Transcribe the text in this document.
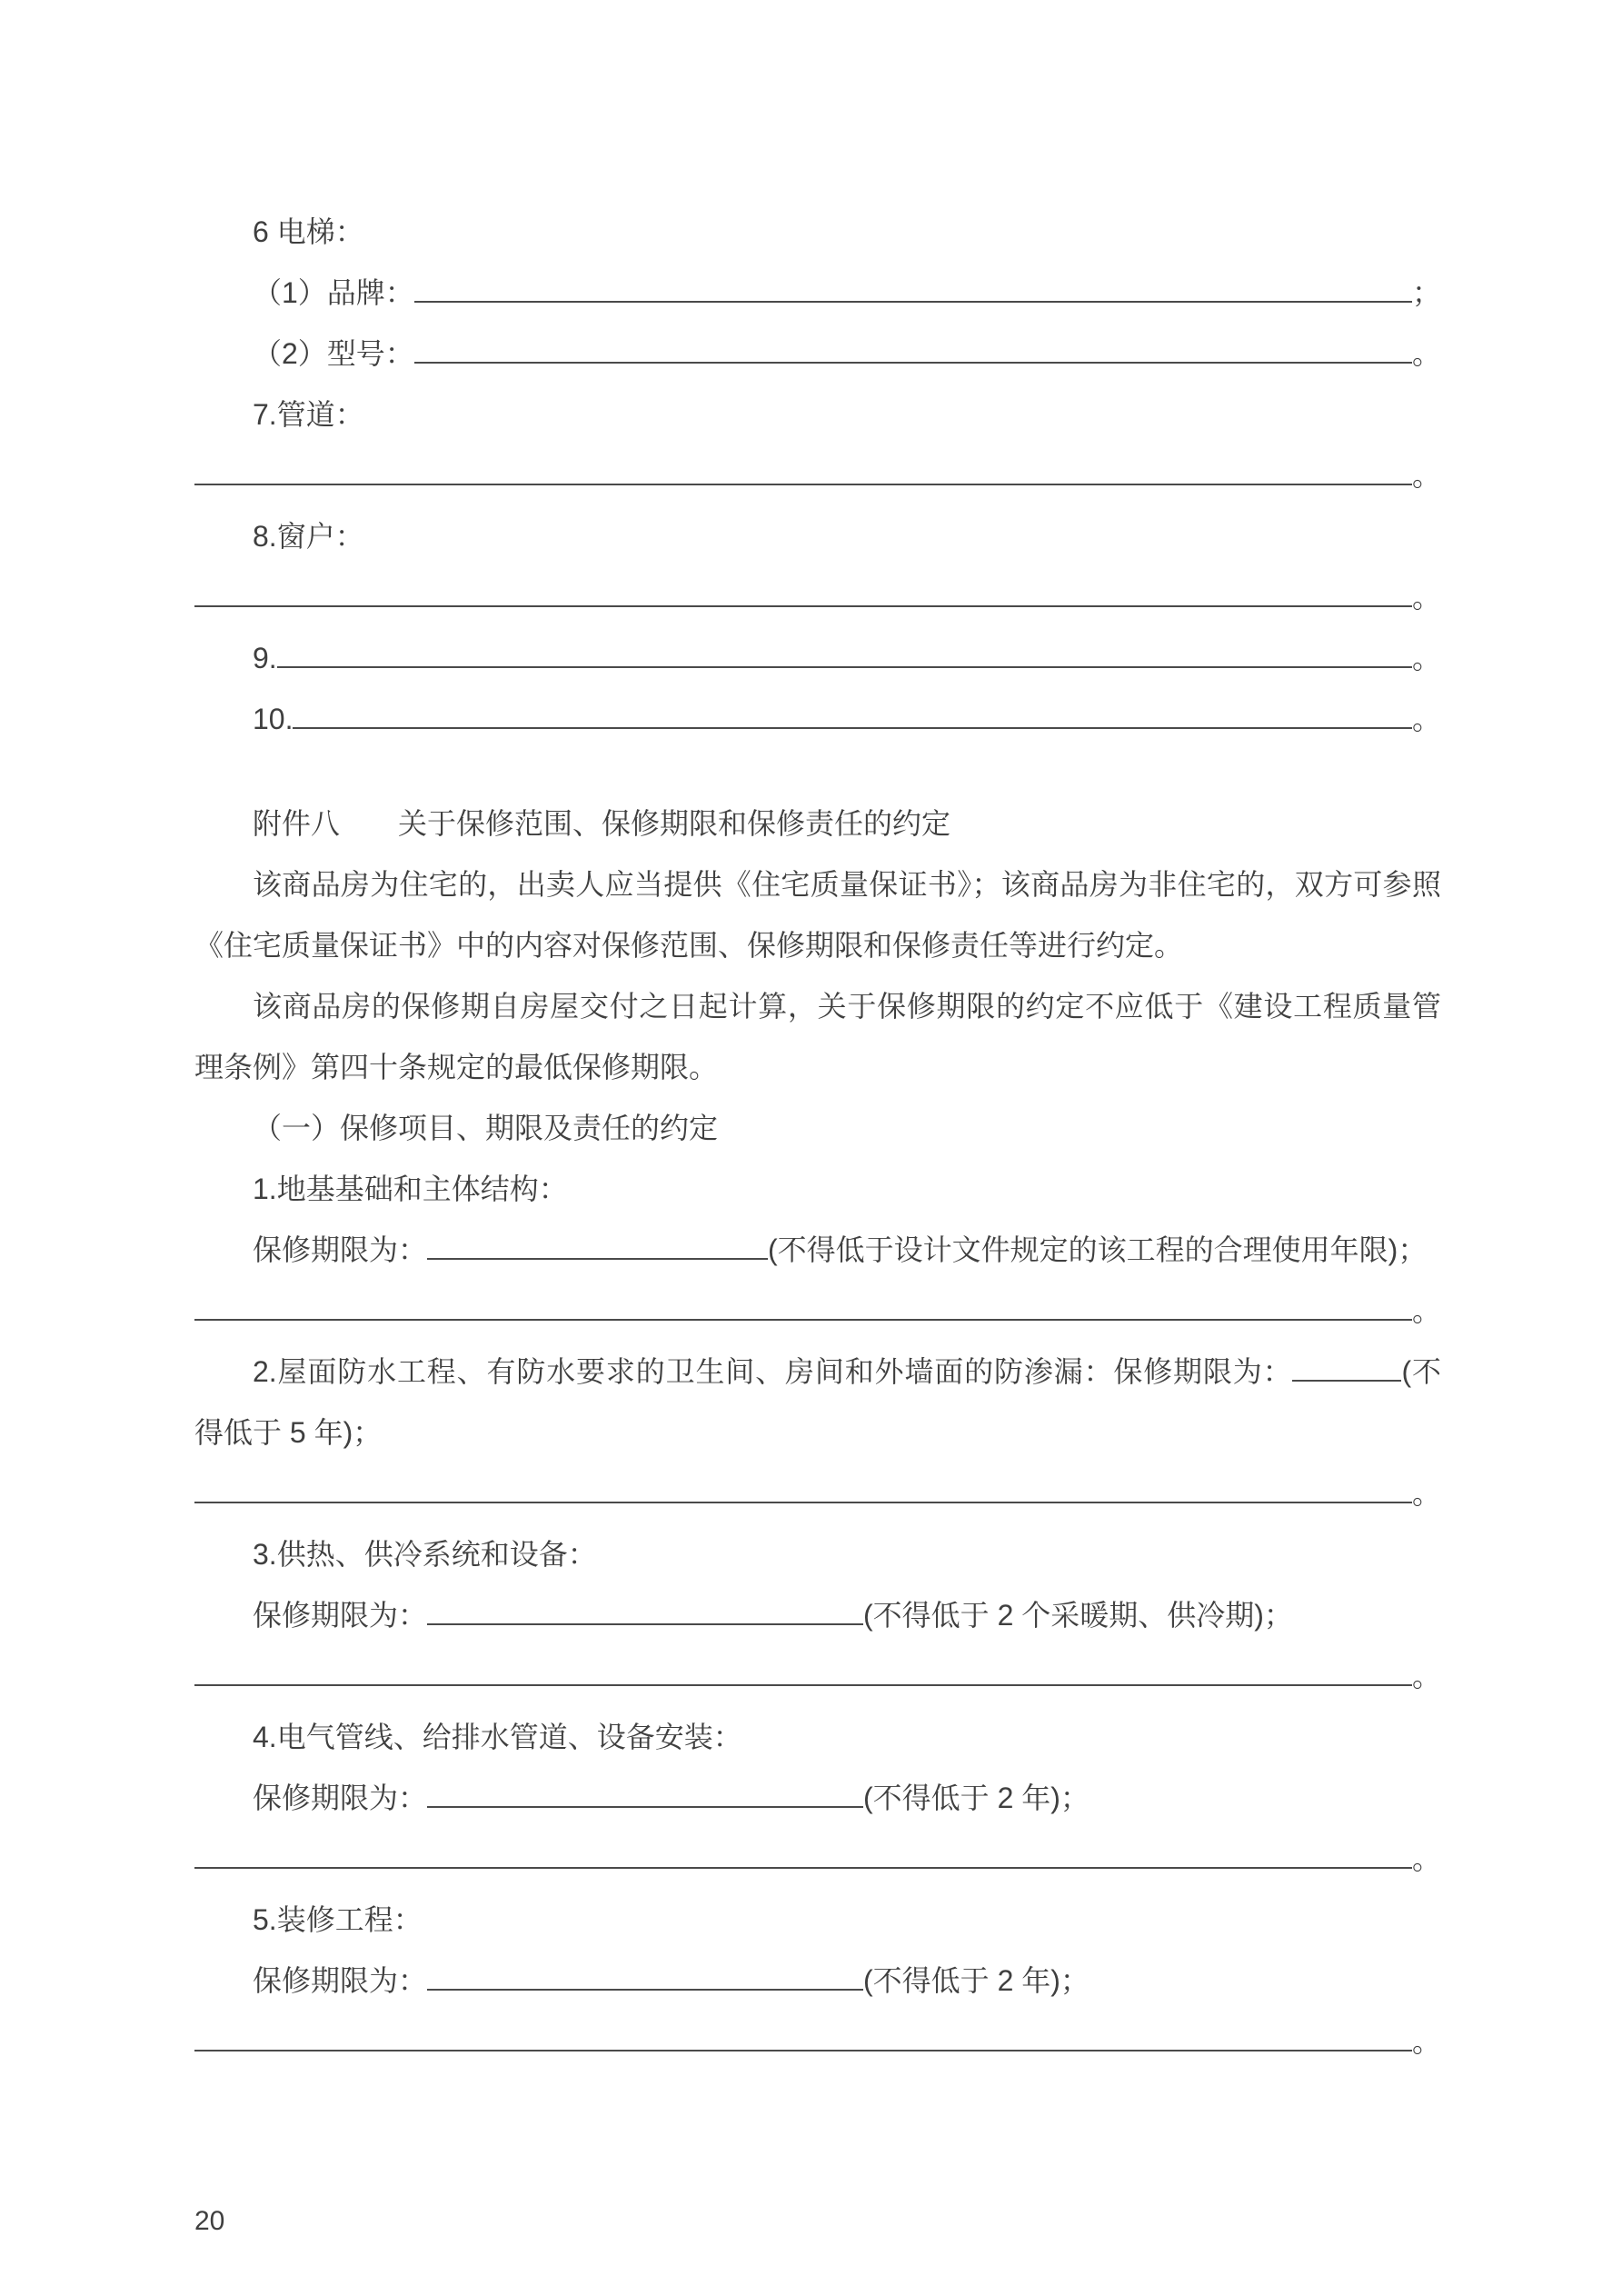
6 电梯：
（1）品牌：	；
（2）型号：	。
7.管道：
。
8.窗户：
。
9.	。
10.	。
附件八　　关于保修范围、保修期限和保修责任的约定

该商品房为住宅的，出卖人应当提供《住宅质量保证书》；该商品房为非住宅的，双方可参照《住宅质量保证书》中的内容对保修范围、保修期限和保修责任等进行约定。

该商品房的保修期自房屋交付之日起计算，关于保修期限的约定不应低于《建设工程质量管理条例》第四十条规定的最低保修期限。

（一）保修项目、期限及责任的约定
1.地基基础和主体结构：
保修期限为：	(不得低于设计文件规定的该工程的合理使用年限)；
。

2.屋面防水工程、有防水要求的卫生间、房间和外墙面的防渗漏：保修期限为：	(不得低于 5 年)；

。
3.供热、供冷系统和设备：
保修期限为：	(不得低于 2 个采暖期、供冷期)；
。
4.电气管线、给排水管道、设备安装：
保修期限为：	(不得低于 2 年)；
。
5.装修工程：
保修期限为：	(不得低于 2 年)；
。
20
